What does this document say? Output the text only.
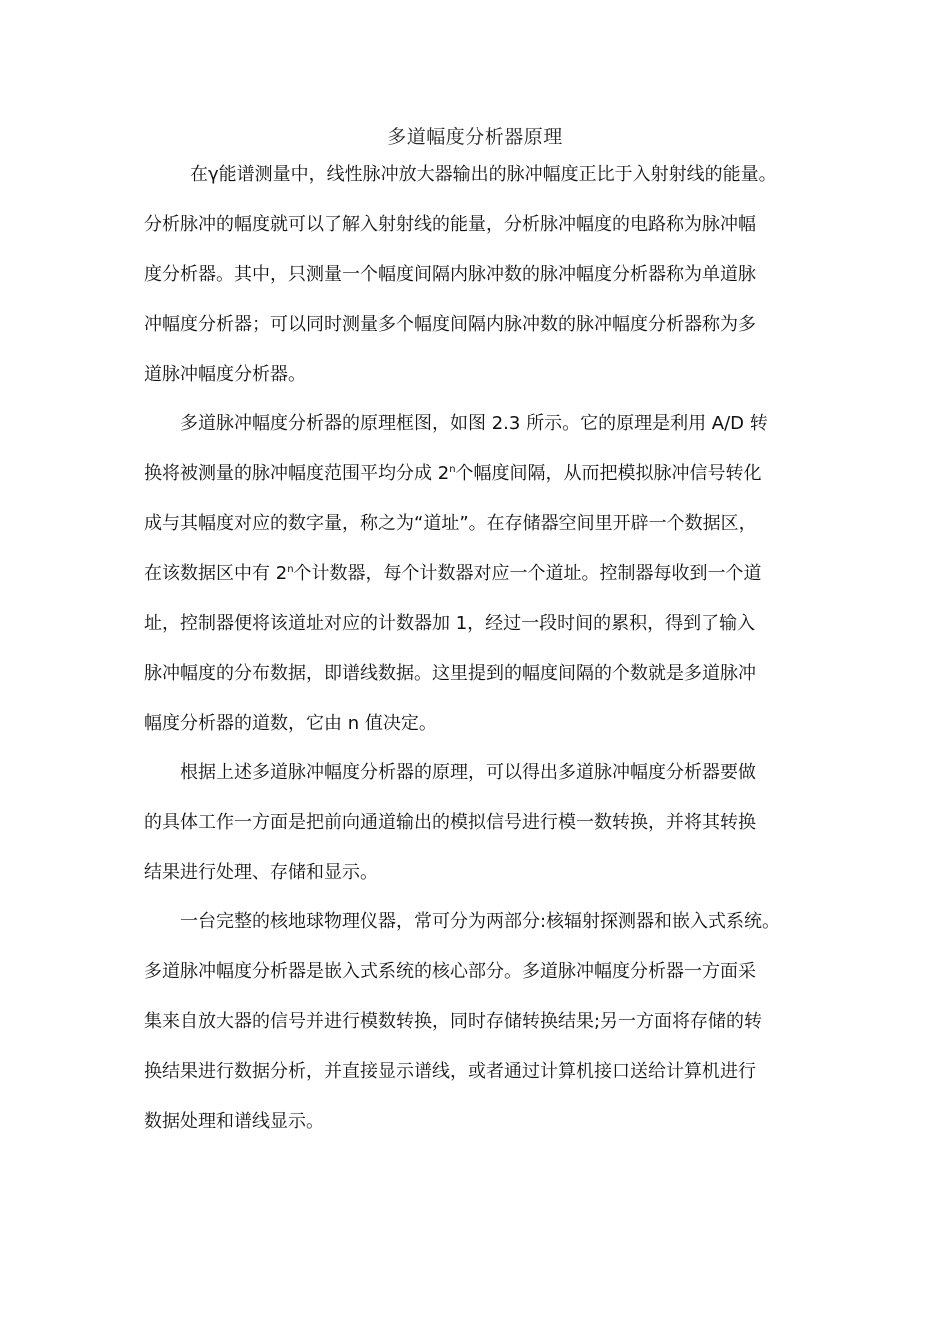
多道幅度分析器原理
在γ能谱测量中，线性脉冲放大器输出的脉冲幅度正比于入射射线的能量。
分析脉冲的幅度就可以了解入射射线的能量，分析脉冲幅度的电路称为脉冲幅
度分析器。其中，只测量一个幅度间隔内脉冲数的脉冲幅度分析器称为单道脉
冲幅度分析器；可以同时测量多个幅度间隔内脉冲数的脉冲幅度分析器称为多
道脉冲幅度分析器。
多道脉冲幅度分析器的原理框图，如图 2.3 所示。它的原理是利用 A/D 转
换将被测量的脉冲幅度范围平均分成 2$^n$个幅度间隔，从而把模拟脉冲信号转化
成与其幅度对应的数字量，称之为“道址”。在存储器空间里开辟一个数据区，
在该数据区中有 2$^n$个计数器，每个计数器对应一个道址。控制器每收到一个道
址，控制器便将该道址对应的计数器加 1，经过一段时间的累积，得到了输入
脉冲幅度的分布数据，即谱线数据。这里提到的幅度间隔的个数就是多道脉冲
幅度分析器的道数，它由 n 值决定。
根据上述多道脉冲幅度分析器的原理，可以得出多道脉冲幅度分析器要做
的具体工作一方面是把前向通道输出的模拟信号进行模一数转换，并将其转换
结果进行处理、存储和显示。
一台完整的核地球物理仪器，常可分为两部分:核辐射探测器和嵌入式系统。
多道脉冲幅度分析器是嵌入式系统的核心部分。多道脉冲幅度分析器一方面采
集来自放大器的信号并进行模数转换，同时存储转换结果;另一方面将存储的转
换结果进行数据分析，并直接显示谱线，或者通过计算机接口送给计算机进行
数据处理和谱线显示。
